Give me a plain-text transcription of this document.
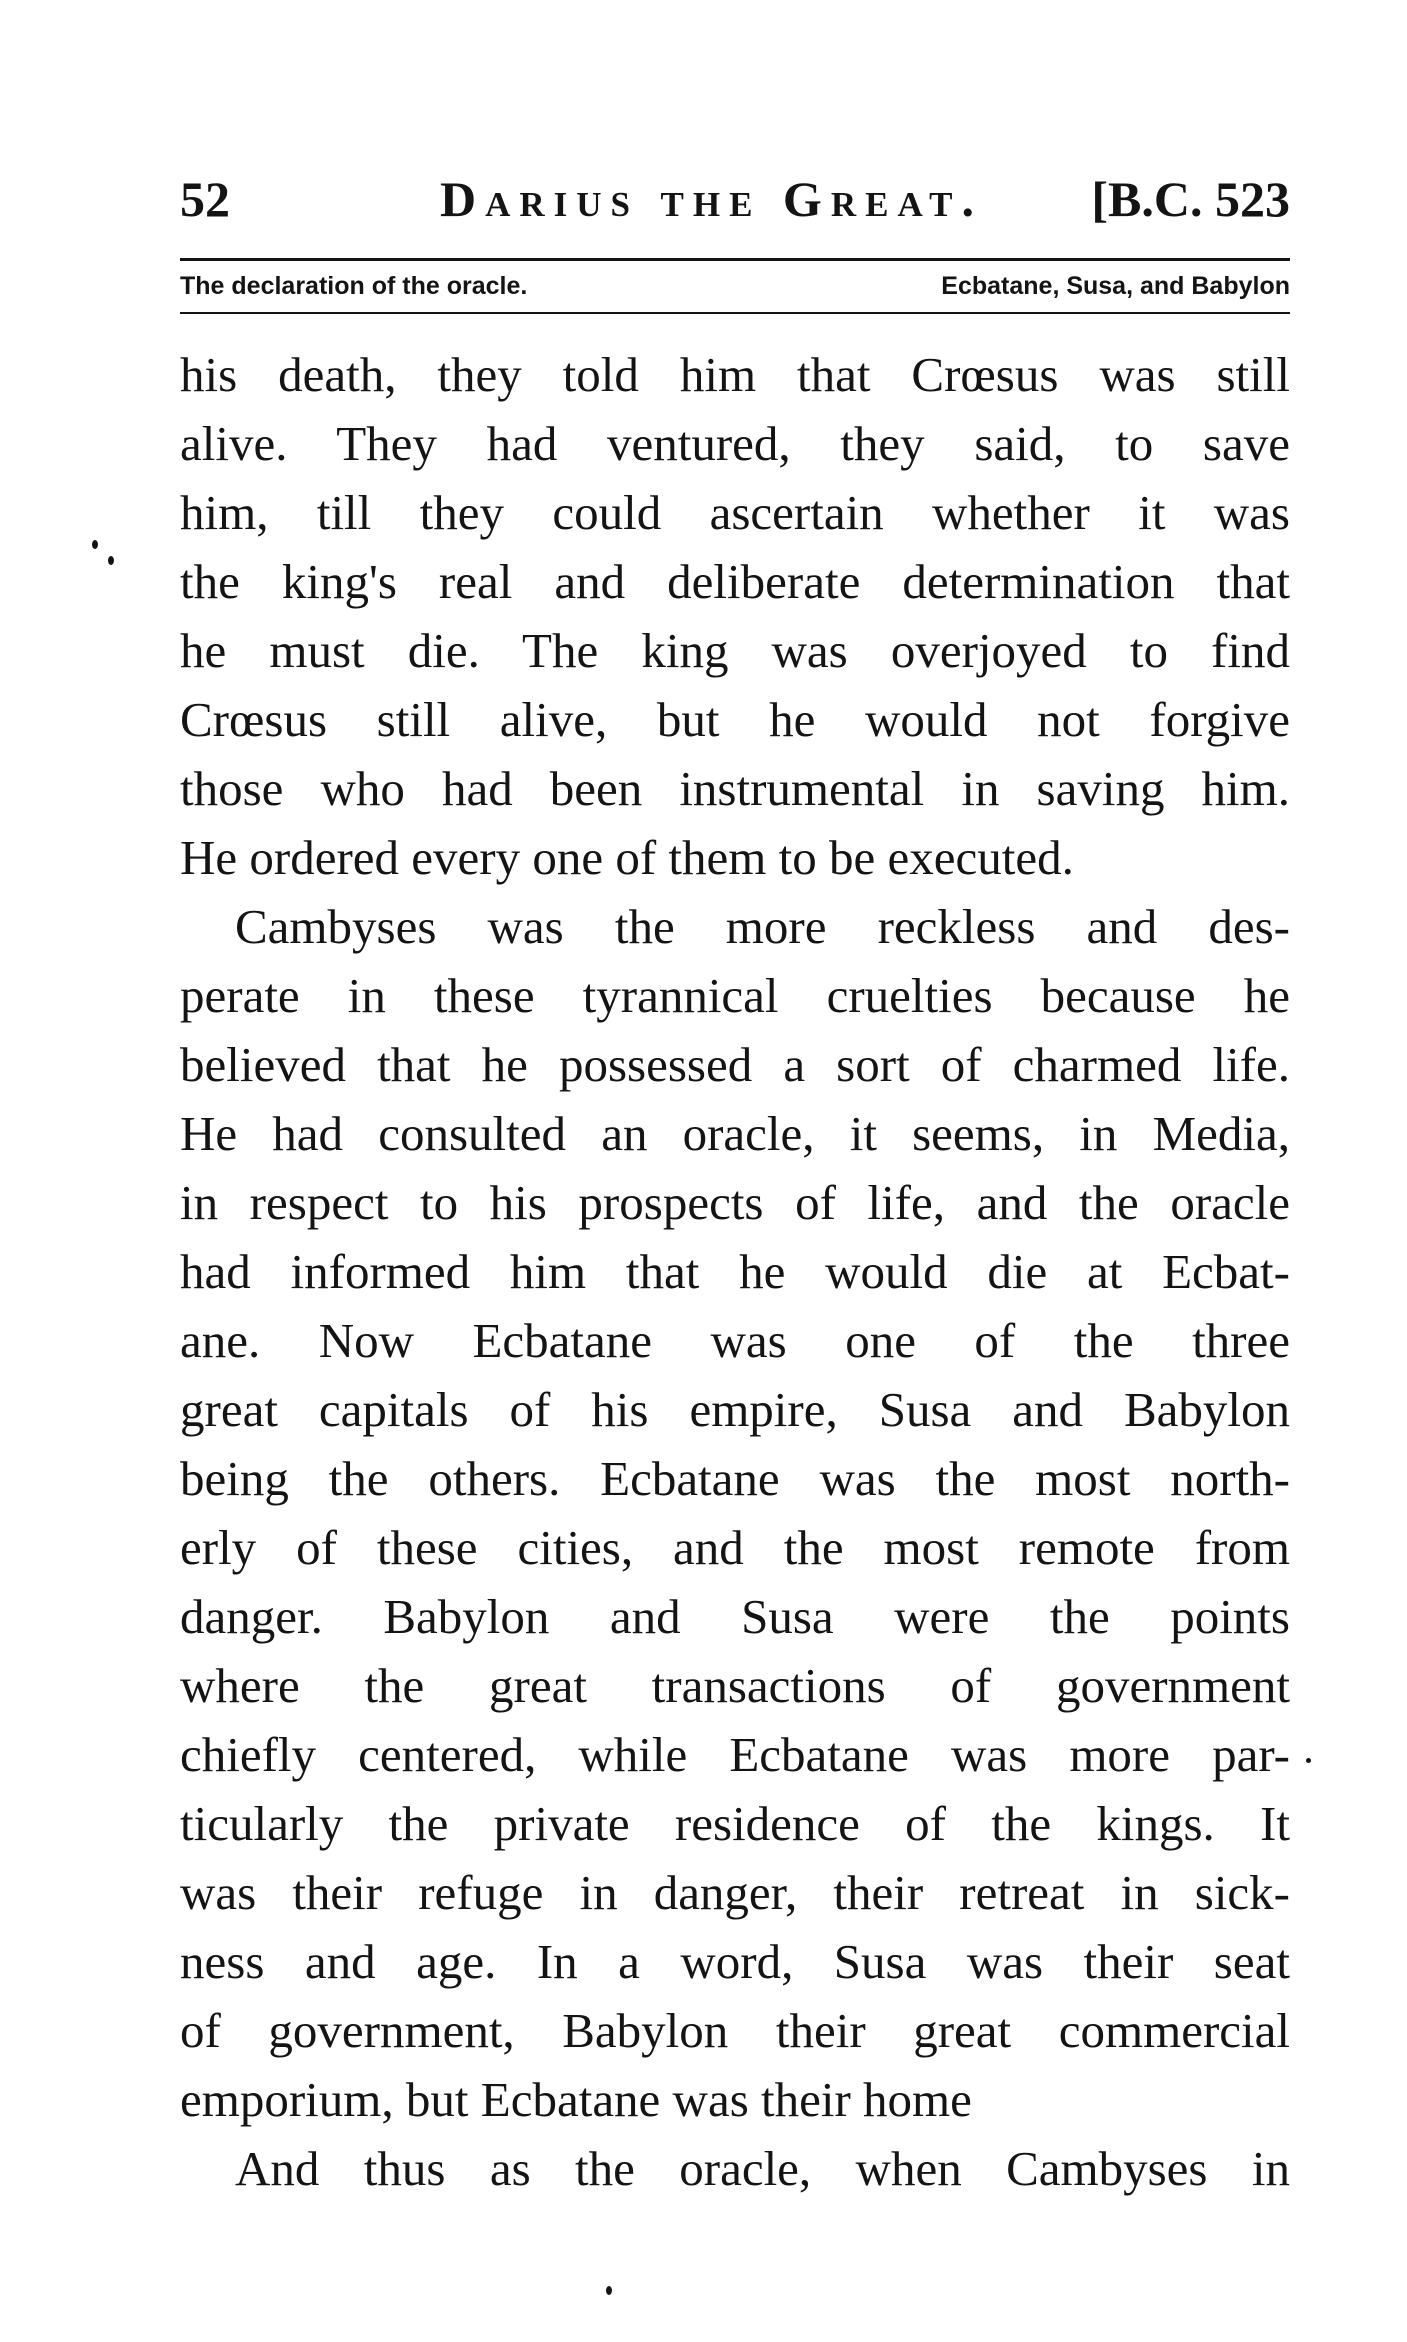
52	Darius the Great. [B.C. 523
The declaration of the oracle.	Ecbatane, Susa, and Babylon
his death, they told him that Crœsus was still
alive. They had ventured, they said, to save
him, till they could ascertain whether it was
the king's real and deliberate determination that
he must die. The king was overjoyed to find
Crœsus still alive, but he would not forgive
those who had been instrumental in saving him.
He ordered every one of them to be executed.
Cambyses was the more reckless and des-
perate in these tyrannical cruelties because he
believed that he possessed a sort of charmed life.
He had consulted an oracle, it seems, in Media,
in respect to his prospects of life, and the oracle
had informed him that he would die at Ecbat-
ane. Now Ecbatane was one of the three
great capitals of his empire, Susa and Babylon
being the others. Ecbatane was the most north-
erly of these cities, and the most remote from
danger. Babylon and Susa were the points
where the great transactions of government
chiefly centered, while Ecbatane was more par-
ticularly the private residence of the kings. It
was their refuge in danger, their retreat in sick-
ness and age. In a word, Susa was their seat
of government, Babylon their great commercial
emporium, but Ecbatane was their home
And thus as the oracle, when Cambyses in
